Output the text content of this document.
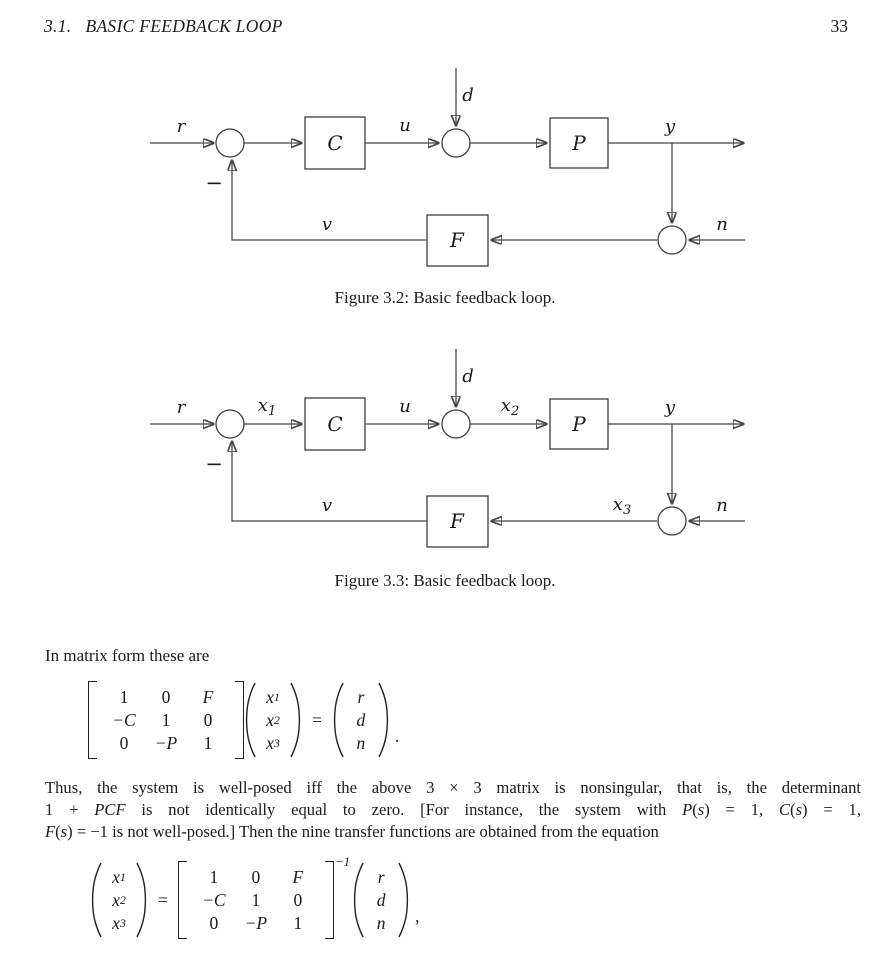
3.1. BASIC FEEDBACK LOOP	33
r	u
d
y
n
v
−
C	P
F
Figure 3.2: Basic feedback loop.
r	$x_1$	u	$x_2$
d
y
n
v	$x_3$
−
C	P
F
Figure 3.3: Basic feedback loop.
In matrix form these are
1	0	F
−C	1	0
0	−P	1
x 1
x 2
x 3
=
r
d
n	.
Thus, the system is well-posed iff the above 3 × 3 matrix is nonsingular, that is, the determinant
1 + PCF is not identically equal to zero. [For instance, the system with P(s) = 1, C(s) = 1,
F(s) = −1 is not well-posed.] Then the nine transfer functions are obtained from the equation
x 1
x 2
x 3
=
1	0	F
−C	1	0
0	−P	1
−1
r
d
n	,
